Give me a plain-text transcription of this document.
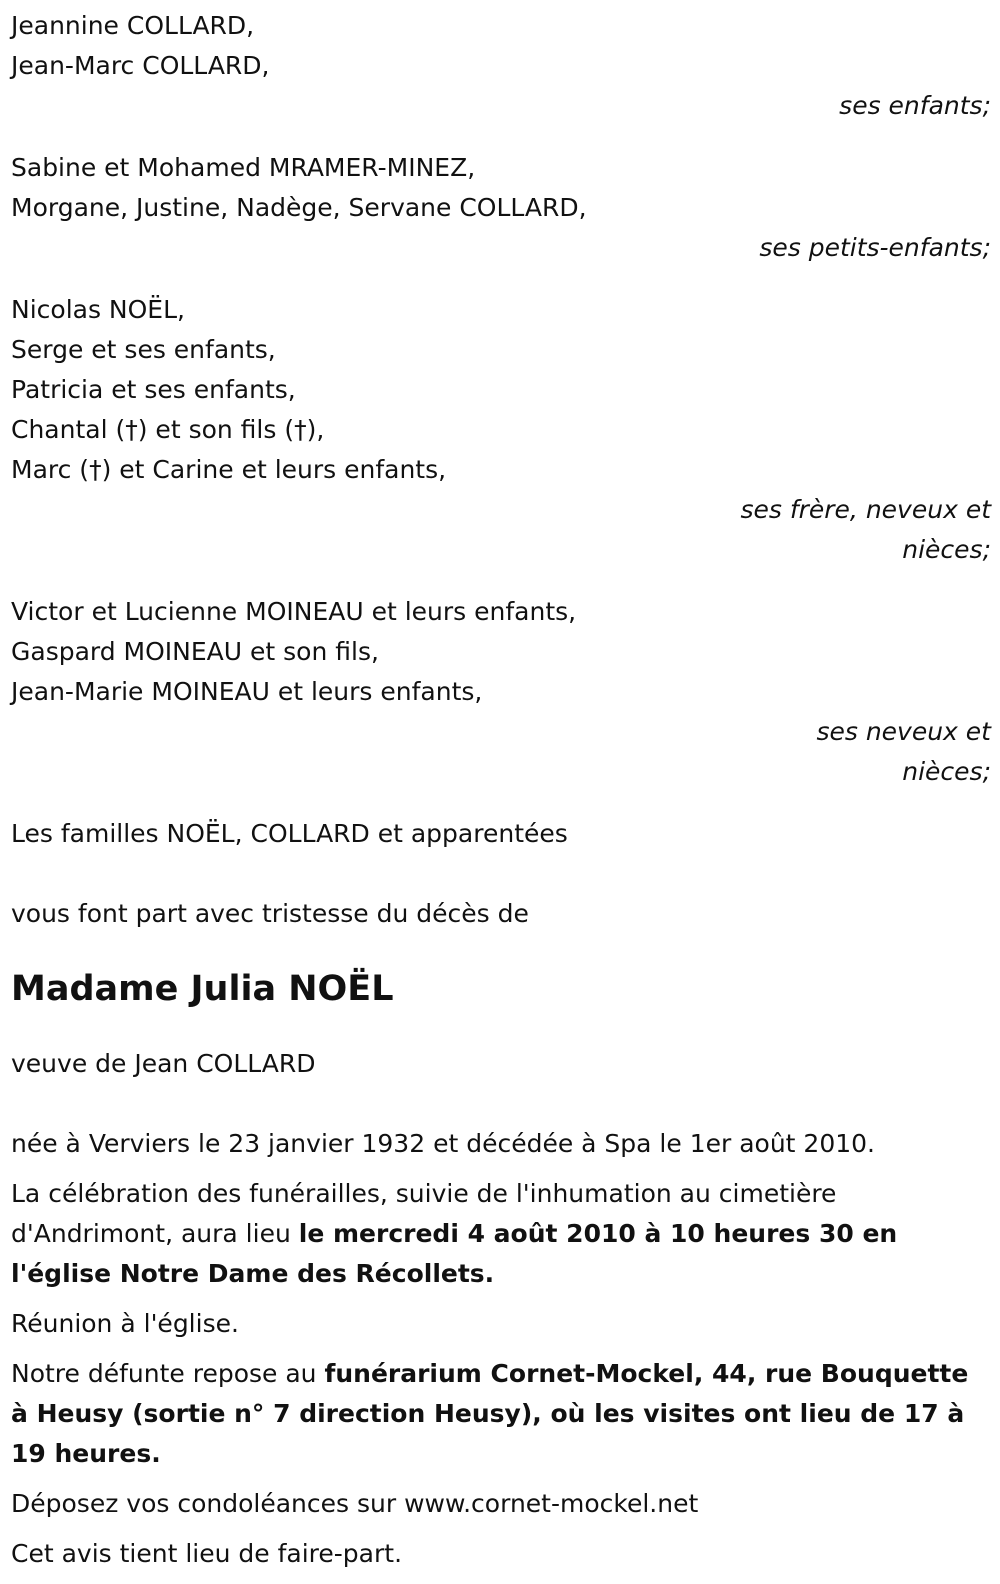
Jeannine COLLARD,
Jean-Marc COLLARD,
ses enfants;
Sabine et Mohamed MRAMER-MINEZ,
Morgane, Justine, Nadège, Servane COLLARD,
ses petits-enfants;
Nicolas NOËL,
Serge et ses enfants,
Patricia et ses enfants,
Chantal (†) et son fils (†),
Marc (†) et Carine et leurs enfants,
ses frère, neveux et
nièces;
Victor et Lucienne MOINEAU et leurs enfants,
Gaspard MOINEAU et son fils,
Jean-Marie MOINEAU et leurs enfants,
ses neveux et
nièces;
Les familles NOËL, COLLARD et apparentées
vous font part avec tristesse du décès de
Madame Julia NOËL
veuve de Jean COLLARD
née à Verviers le 23 janvier 1932 et décédée à Spa le 1er août 2010.
La célébration des funérailles, suivie de l'inhumation au cimetière d'Andrimont, aura lieu le mercredi 4 août 2010 à 10 heures 30 en l'église Notre Dame des Récollets.
Réunion à l'église.
Notre défunte repose au funérarium Cornet-Mockel, 44, rue Bouquette à Heusy (sortie n° 7 direction Heusy), où les visites ont lieu de 17 à 19 heures.
Déposez vos condoléances sur www.cornet-mockel.net
Cet avis tient lieu de faire-part.
